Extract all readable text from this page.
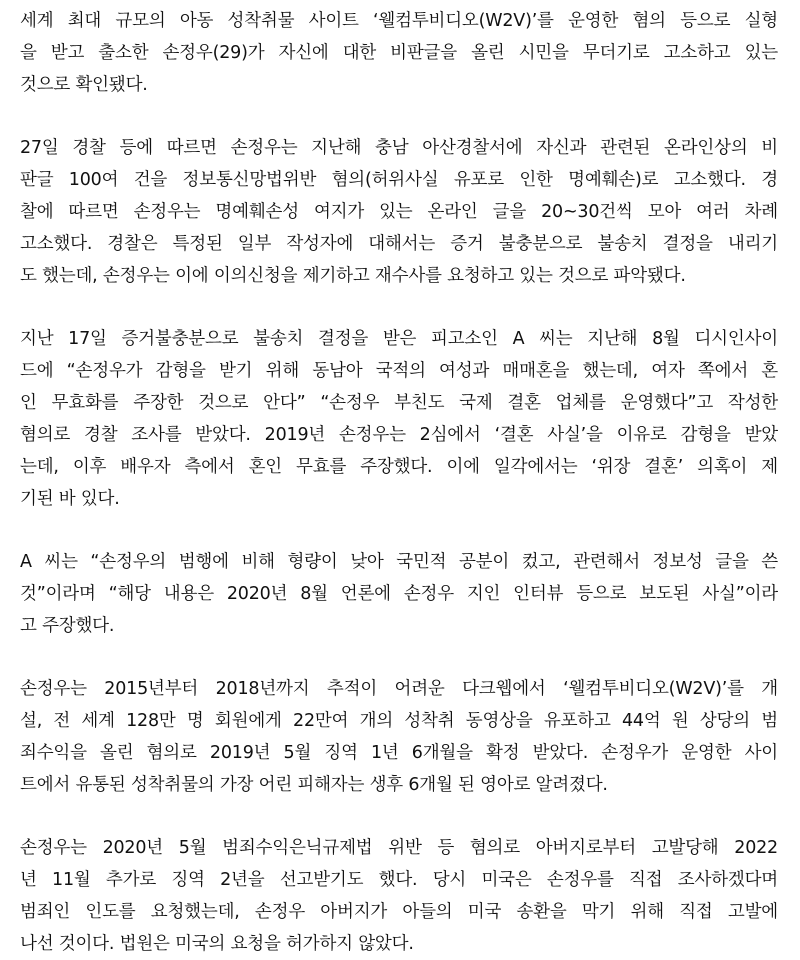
세계 최대 규모의 아동 성착취물 사이트 ‘웰컴투비디오(W2V)’를 운영한 혐의 등으로 실형
을 받고 출소한 손정우(29)가 자신에 대한 비판글을 올린 시민을 무더기로 고소하고 있는
것으로 확인됐다.
27일 경찰 등에 따르면 손정우는 지난해 충남 아산경찰서에 자신과 관련된 온라인상의 비
판글 100여 건을 정보통신망법위반 혐의(허위사실 유포로 인한 명예훼손)로 고소했다. 경
찰에 따르면 손정우는 명예훼손성 여지가 있는 온라인 글을 20~30건씩 모아 여러 차례
고소했다. 경찰은 특정된 일부 작성자에 대해서는 증거 불충분으로 불송치 결정을 내리기
도 했는데, 손정우는 이에 이의신청을 제기하고 재수사를 요청하고 있는 것으로 파악됐다.
지난 17일 증거불충분으로 불송치 결정을 받은 피고소인 A 씨는 지난해 8월 디시인사이
드에 “손정우가 감형을 받기 위해 동남아 국적의 여성과 매매혼을 했는데, 여자 쪽에서 혼
인 무효화를 주장한 것으로 안다” “손정우 부친도 국제 결혼 업체를 운영했다”고 작성한
혐의로 경찰 조사를 받았다. 2019년 손정우는 2심에서 ‘결혼 사실’을 이유로 감형을 받았
는데, 이후 배우자 측에서 혼인 무효를 주장했다. 이에 일각에서는 ‘위장 결혼’ 의혹이 제
기된 바 있다.
A 씨는 “손정우의 범행에 비해 형량이 낮아 국민적 공분이 컸고, 관련해서 정보성 글을 쓴
것”이라며 “해당 내용은 2020년 8월 언론에 손정우 지인 인터뷰 등으로 보도된 사실”이라
고 주장했다.
손정우는 2015년부터 2018년까지 추적이 어려운 다크웹에서 ‘웰컴투비디오(W2V)’를 개
설, 전 세계 128만 명 회원에게 22만여 개의 성착취 동영상을 유포하고 44억 원 상당의 범
죄수익을 올린 혐의로 2019년 5월 징역 1년 6개월을 확정 받았다. 손정우가 운영한 사이
트에서 유통된 성착취물의 가장 어린 피해자는 생후 6개월 된 영아로 알려졌다.
손정우는 2020년 5월 범죄수익은닉규제법 위반 등 혐의로 아버지로부터 고발당해 2022
년 11월 추가로 징역 2년을 선고받기도 했다. 당시 미국은 손정우를 직접 조사하겠다며
범죄인 인도를 요청했는데, 손정우 아버지가 아들의 미국 송환을 막기 위해 직접 고발에
나선 것이다. 법원은 미국의 요청을 허가하지 않았다.
